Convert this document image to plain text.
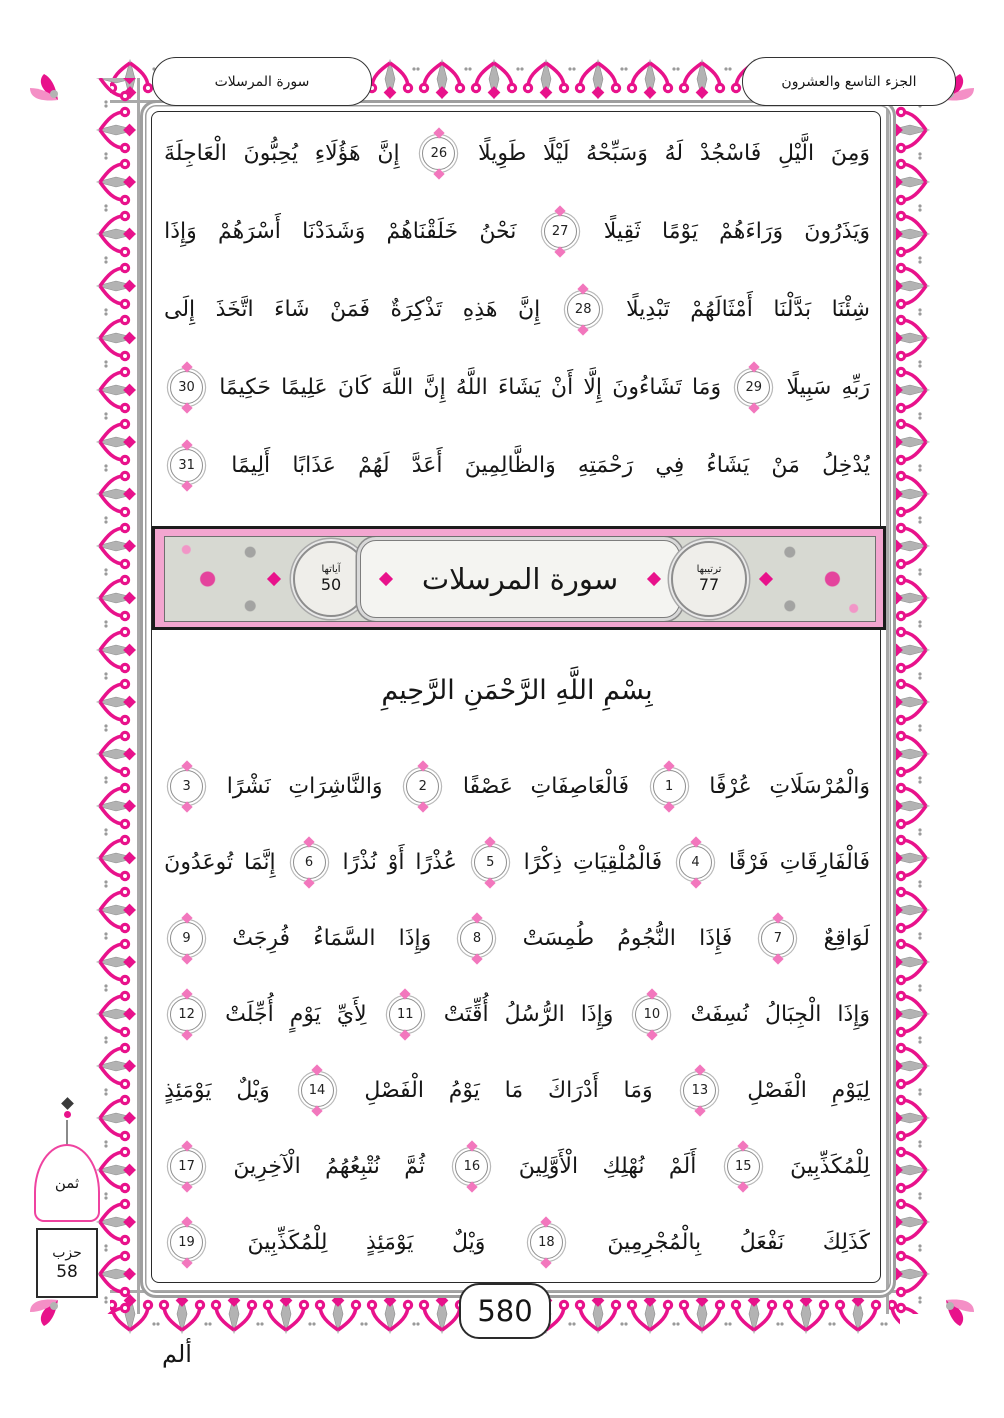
سورة المرسلات	الجزء التاسع والعشرون
وَمِنَ
الَّيْلِ
فَاسْجُدْ
لَهُ
وَسَبِّحْهُ
لَيْلًا
طَوِيلًا
26
إِنَّ
هَؤُلَاءِ
يُحِبُّونَ
الْعَاجِلَةَ
وَيَذَرُونَ
وَرَاءَهُمْ
يَوْمًا
ثَقِيلًا
27
نَحْنُ
خَلَقْنَاهُمْ
وَشَدَدْنَا
أَسْرَهُمْ
وَإِذَا
شِئْنَا
بَدَّلْنَا
أَمْثَالَهُمْ
تَبْدِيلًا
28
إِنَّ
هَذِهِ
تَذْكِرَةٌ
فَمَنْ
شَاءَ
اتَّخَذَ
إِلَى
رَبِّهِ
سَبِيلًا
29
وَمَا
تَشَاءُونَ
إِلَّا
أَنْ
يَشَاءَ
اللَّهُ
إِنَّ
اللَّهَ
كَانَ
عَلِيمًا
حَكِيمًا
30
يُدْخِلُ
مَنْ
يَشَاءُ
فِي
رَحْمَتِهِ
وَالظَّالِمِينَ
أَعَدَّ
لَهُمْ
عَذَابًا
أَلِيمًا
31
آياتها
50	سورة المرسلات	ترتيبها
77
بِسْمِ اللَّهِ الرَّحْمَنِ الرَّحِيمِ
وَالْمُرْسَلَاتِ
عُرْفًا
1
فَالْعَاصِفَاتِ
عَصْفًا
2
وَالنَّاشِرَاتِ
نَشْرًا
3
فَالْفَارِقَاتِ
فَرْقًا
4
فَالْمُلْقِيَاتِ
ذِكْرًا
5
عُذْرًا
أَوْ
نُذْرًا
6
إِنَّمَا
تُوعَدُونَ
لَوَاقِعٌ
7
فَإِذَا
النُّجُومُ
طُمِسَتْ
8
وَإِذَا
السَّمَاءُ
فُرِجَتْ
9
وَإِذَا
الْجِبَالُ
نُسِفَتْ
10
وَإِذَا
الرُّسُلُ
أُقِّتَتْ
11
لِأَيِّ
يَوْمٍ
أُجِّلَتْ
12
لِيَوْمِ
الْفَصْلِ
13
وَمَا
أَدْرَاكَ
مَا
يَوْمُ
الْفَصْلِ
14
وَيْلٌ
يَوْمَئِذٍ
لِلْمُكَذِّبِينَ
15
أَلَمْ
نُهْلِكِ
الْأَوَّلِينَ
16
ثُمَّ
نُتْبِعُهُمُ
الْآخِرِينَ
17
كَذَلِكَ
نَفْعَلُ
بِالْمُجْرِمِينَ
18
وَيْلٌ
يَوْمَئِذٍ
لِلْمُكَذِّبِينَ
19
ثمن
حزب
58
580
ألم
